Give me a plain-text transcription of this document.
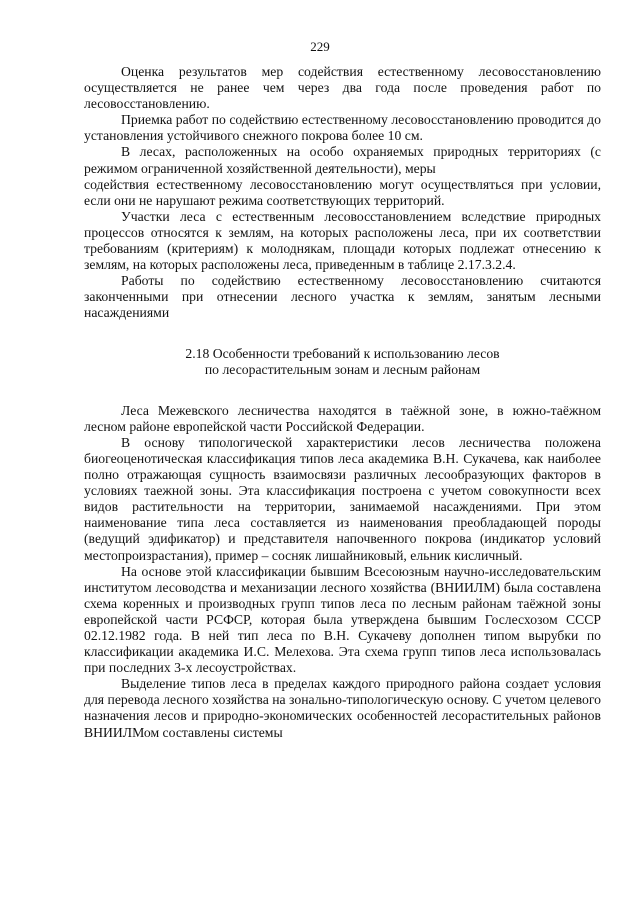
229

Оценка результатов мер содействия естественному лесовосстановлению осуществляется не ранее чем через два года после проведения работ по лесовосстановлению.

Приемка работ по содействию естественному лесовосстановлению проводится до установления устойчивого снежного покрова более 10 см.

В лесах, расположенных на особо охраняемых природных территориях (с режимом ограниченной хозяйственной деятельности), меры

содействия естественному лесовосстановлению могут осуществляться при условии, если они не нарушают режима соответствующих территорий.

Участки леса с естественным лесовосстановлением вследствие природных процессов относятся к землям, на которых расположены леса, при их соответствии требованиям (критериям) к молоднякам, площади которых подлежат отнесению к землям, на которых расположены леса, приведенным в таблице 2.17.3.2.4.

Работы по содействию естественному лесовосстановлению считаются законченными при отнесении лесного участка к землям, занятым лесными насаждениями

2.18 Особенности требований к использованию лесов
по лесорастительным зонам и лесным районам

Леса Межевского лесничества находятся в таёжной зоне, в южно-таёжном лесном районе европейской части Российской Федерации.

В основу типологической характеристики лесов лесничества положена биогеоценотическая классификация типов леса академика В.Н. Сукачева, как наиболее полно отражающая сущность взаимосвязи различных лесообразующих факторов в условиях таежной зоны. Эта классификация построена с учетом совокупности всех видов растительности на территории, занимаемой насаждениями. При этом наименование типа леса составляется из наименования преобладающей породы (ведущий эдификатор) и представителя напочвенного покрова (индикатор условий местопроизрастания), пример – сосняк лишайниковый, ельник кисличный.

На основе этой классификации бывшим Всесоюзным научно-исследовательским институтом лесоводства и механизации лесного хозяйства (ВНИИЛМ) была составлена схема коренных и производных групп типов леса по лесным районам таёжной зоны европейской части РСФСР, которая была утверждена бывшим Гослесхозом СССР 02.12.1982 года. В ней тип леса по В.Н. Сукачеву дополнен типом вырубки по классификации академика И.С. Мелехова. Эта схема групп типов леса использовалась при последних 3-х лесоустройствах.

Выделение типов леса в пределах каждого природного района создает условия для перевода лесного хозяйства на зонально-типологическую основу. С учетом целевого назначения лесов и природно-экономических особенностей лесорастительных районов ВНИИЛМом составлены системы
